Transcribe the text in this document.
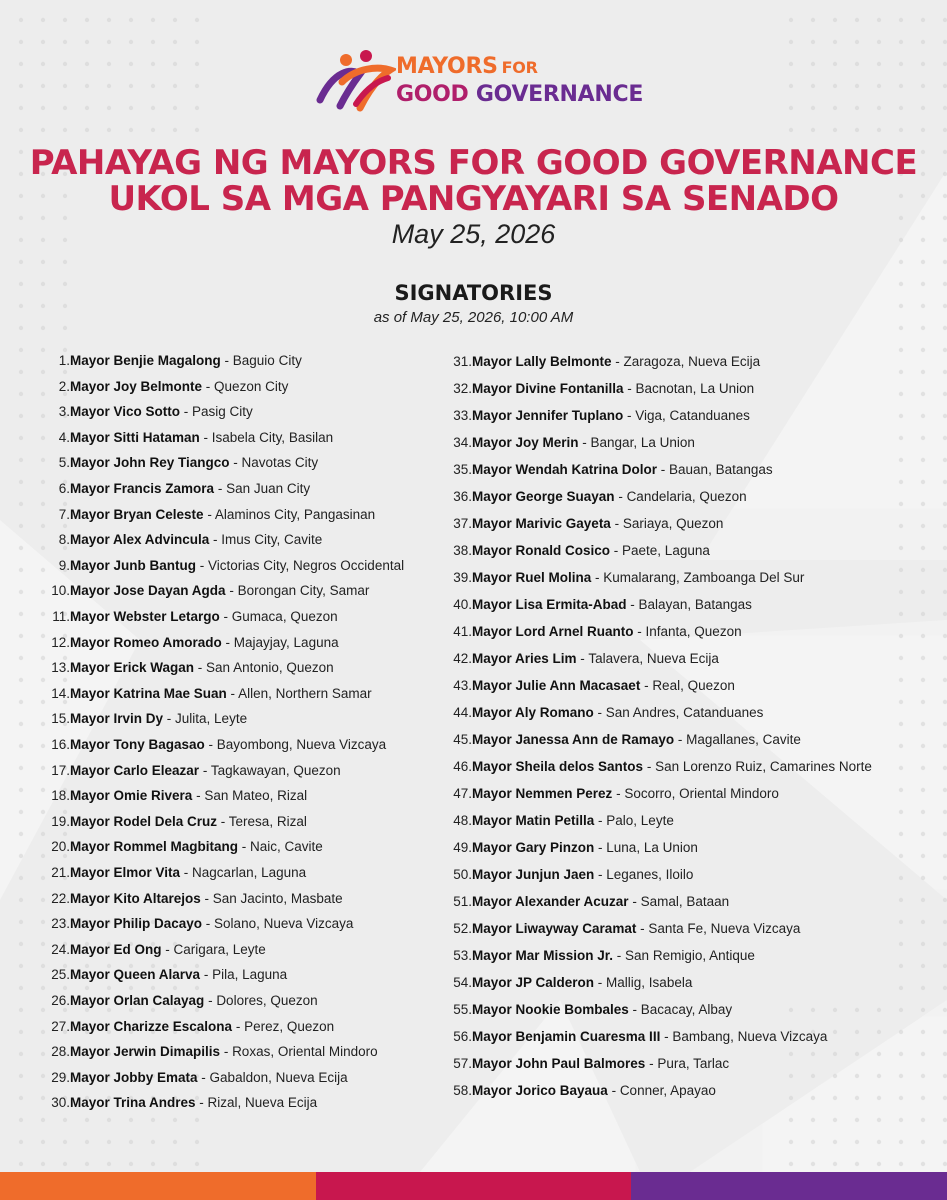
MAYORS FOR
GOOD GOVERNANCE
PAHAYAG NG MAYORS FOR GOOD GOVERNANCE
UKOL SA MGA PANGYAYARI SA SENADO
May 25, 2026
SIGNATORIES
as of May 25, 2026, 10:00 AM
1.Mayor Benjie Magalong - Baguio City
2.Mayor Joy Belmonte - Quezon City
3.Mayor Vico Sotto - Pasig City
4.Mayor Sitti Hataman - Isabela City, Basilan
5.Mayor John Rey Tiangco - Navotas City
6.Mayor Francis Zamora - San Juan City
7.Mayor Bryan Celeste - Alaminos City, Pangasinan
8.Mayor Alex Advincula - Imus City, Cavite
9.Mayor Junb Bantug - Victorias City, Negros Occidental
10.Mayor Jose Dayan Agda - Borongan City, Samar
11.Mayor Webster Letargo - Gumaca, Quezon
12.Mayor Romeo Amorado - Majayjay, Laguna
13.Mayor Erick Wagan - San Antonio, Quezon
14.Mayor Katrina Mae Suan - Allen, Northern Samar
15.Mayor Irvin Dy - Julita, Leyte
16.Mayor Tony Bagasao - Bayombong, Nueva Vizcaya
17.Mayor Carlo Eleazar - Tagkawayan, Quezon
18.Mayor Omie Rivera - San Mateo, Rizal
19.Mayor Rodel Dela Cruz - Teresa, Rizal
20.Mayor Rommel Magbitang - Naic, Cavite
21.Mayor Elmor Vita - Nagcarlan, Laguna
22.Mayor Kito Altarejos - San Jacinto, Masbate
23.Mayor Philip Dacayo - Solano, Nueva Vizcaya
24.Mayor Ed Ong - Carigara, Leyte
25.Mayor Queen Alarva - Pila, Laguna
26.Mayor Orlan Calayag - Dolores, Quezon
27.Mayor Charizze Escalona - Perez, Quezon
28.Mayor Jerwin Dimapilis - Roxas, Oriental Mindoro
29.Mayor Jobby Emata - Gabaldon, Nueva Ecija
30.Mayor Trina Andres - Rizal, Nueva Ecija
31.Mayor Lally Belmonte - Zaragoza, Nueva Ecija
32.Mayor Divine Fontanilla - Bacnotan, La Union
33.Mayor Jennifer Tuplano - Viga, Catanduanes
34.Mayor Joy Merin - Bangar, La Union
35.Mayor Wendah Katrina Dolor - Bauan, Batangas
36.Mayor George Suayan - Candelaria, Quezon
37.Mayor Marivic Gayeta - Sariaya, Quezon
38.Mayor Ronald Cosico - Paete, Laguna
39.Mayor Ruel Molina - Kumalarang, Zamboanga Del Sur
40.Mayor Lisa Ermita-Abad - Balayan, Batangas
41.Mayor Lord Arnel Ruanto - Infanta, Quezon
42.Mayor Aries Lim - Talavera, Nueva Ecija
43.Mayor Julie Ann Macasaet - Real, Quezon
44.Mayor Aly Romano - San Andres, Catanduanes
45.Mayor Janessa Ann de Ramayo - Magallanes, Cavite
46.Mayor Sheila delos Santos - San Lorenzo Ruiz, Camarines Norte
47.Mayor Nemmen Perez - Socorro, Oriental Mindoro
48.Mayor Matin Petilla - Palo, Leyte
49.Mayor Gary Pinzon - Luna, La Union
50.Mayor Junjun Jaen - Leganes, Iloilo
51.Mayor Alexander Acuzar - Samal, Bataan
52.Mayor Liwayway Caramat - Santa Fe, Nueva Vizcaya
53.Mayor Mar Mission Jr. - San Remigio, Antique
54.Mayor JP Calderon - Mallig, Isabela
55.Mayor Nookie Bombales - Bacacay, Albay
56.Mayor Benjamin Cuaresma III - Bambang, Nueva Vizcaya
57.Mayor John Paul Balmores - Pura, Tarlac
58.Mayor Jorico Bayaua - Conner, Apayao
